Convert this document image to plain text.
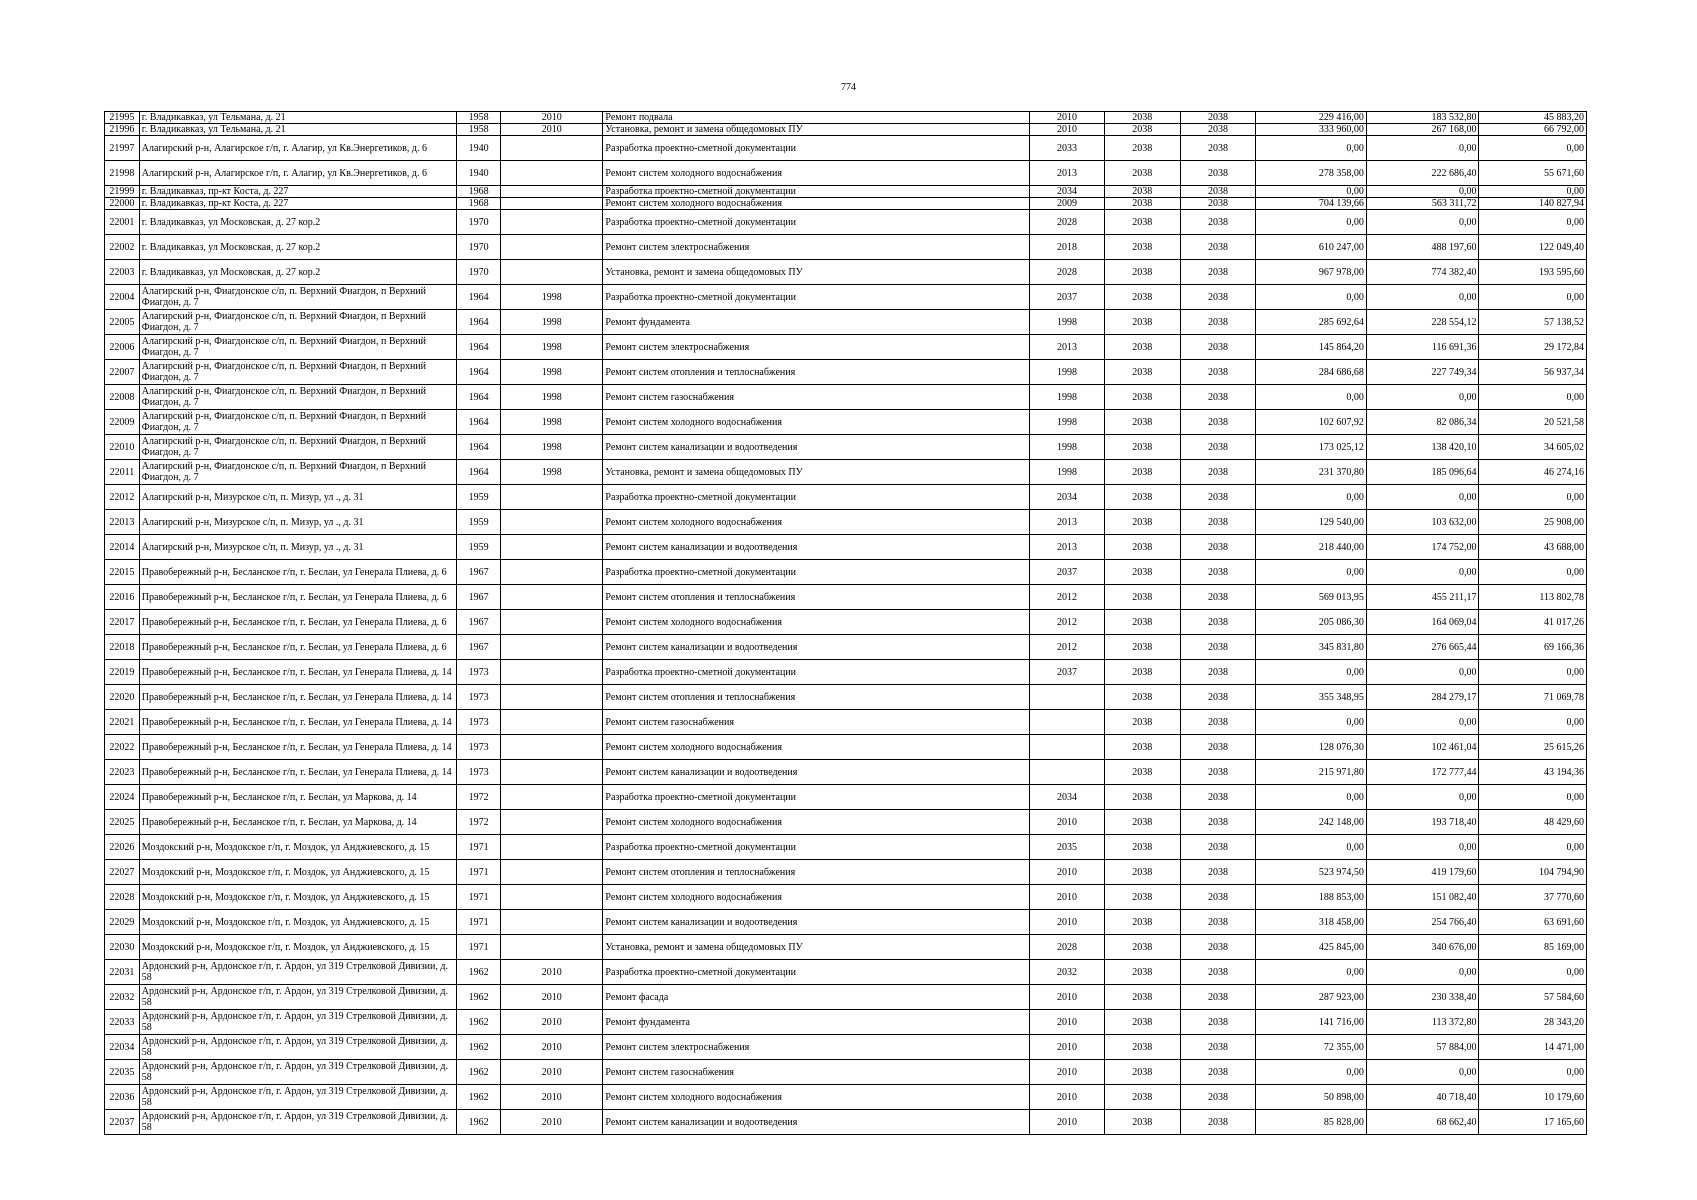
774
21995	г. Владикавказ, ул Тельмана, д. 21	1958	2010	Ремонт подвала	2010	2038	2038	229 416,00	183 532,80	45 883,20
21996	г. Владикавказ, ул Тельмана, д. 21	1958	2010	Установка, ремонт и замена общедомовых ПУ	2010	2038	2038	333 960,00	267 168,00	66 792,00
21997	Алагирский р-н, Алагирское г/п, г. Алагир, ул Кв.Энергетиков, д. 6	1940		Разработка проектно-сметной документации	2033	2038	2038	0,00	0,00	0,00
21998	Алагирский р-н, Алагирское г/п, г. Алагир, ул Кв.Энергетиков, д. 6	1940		Ремонт систем холодного водоснабжения	2013	2038	2038	278 358,00	222 686,40	55 671,60
21999	г. Владикавказ, пр-кт Коста, д. 227	1968		Разработка проектно-сметной документации	2034	2038	2038	0,00	0,00	0,00
22000	г. Владикавказ, пр-кт Коста, д. 227	1968		Ремонт систем холодного водоснабжения	2009	2038	2038	704 139,66	563 311,72	140 827,94
22001	г. Владикавказ, ул Московская, д. 27 кор.2	1970		Разработка проектно-сметной документации	2028	2038	2038	0,00	0,00	0,00
22002	г. Владикавказ, ул Московская, д. 27 кор.2	1970		Ремонт систем электроснабжения	2018	2038	2038	610 247,00	488 197,60	122 049,40
22003	г. Владикавказ, ул Московская, д. 27 кор.2	1970		Установка, ремонт и замена общедомовых ПУ	2028	2038	2038	967 978,00	774 382,40	193 595,60
22004	Алагирский р-н, Фиагдонское с/п, п. Верхний Фиагдон, п Верхний Фиагдон, д. 7	1964	1998	Разработка проектно-сметной документации	2037	2038	2038	0,00	0,00	0,00
22005	Алагирский р-н, Фиагдонское с/п, п. Верхний Фиагдон, п Верхний Фиагдон, д. 7	1964	1998	Ремонт фундамента	1998	2038	2038	285 692,64	228 554,12	57 138,52
22006	Алагирский р-н, Фиагдонское с/п, п. Верхний Фиагдон, п Верхний Фиагдон, д. 7	1964	1998	Ремонт систем электроснабжения	2013	2038	2038	145 864,20	116 691,36	29 172,84
22007	Алагирский р-н, Фиагдонское с/п, п. Верхний Фиагдон, п Верхний Фиагдон, д. 7	1964	1998	Ремонт систем отопления и теплоснабжения	1998	2038	2038	284 686,68	227 749,34	56 937,34
22008	Алагирский р-н, Фиагдонское с/п, п. Верхний Фиагдон, п Верхний Фиагдон, д. 7	1964	1998	Ремонт систем газоснабжения	1998	2038	2038	0,00	0,00	0,00
22009	Алагирский р-н, Фиагдонское с/п, п. Верхний Фиагдон, п Верхний Фиагдон, д. 7	1964	1998	Ремонт систем холодного водоснабжения	1998	2038	2038	102 607,92	82 086,34	20 521,58
22010	Алагирский р-н, Фиагдонское с/п, п. Верхний Фиагдон, п Верхний Фиагдон, д. 7	1964	1998	Ремонт систем канализации и водоотведения	1998	2038	2038	173 025,12	138 420,10	34 605,02
22011	Алагирский р-н, Фиагдонское с/п, п. Верхний Фиагдон, п Верхний Фиагдон, д. 7	1964	1998	Установка, ремонт и замена общедомовых ПУ	1998	2038	2038	231 370,80	185 096,64	46 274,16
22012	Алагирский р-н, Мизурское с/п, п. Мизур, ул ., д. 31	1959		Разработка проектно-сметной документации	2034	2038	2038	0,00	0,00	0,00
22013	Алагирский р-н, Мизурское с/п, п. Мизур, ул ., д. 31	1959		Ремонт систем холодного водоснабжения	2013	2038	2038	129 540,00	103 632,00	25 908,00
22014	Алагирский р-н, Мизурское с/п, п. Мизур, ул ., д. 31	1959		Ремонт систем канализации и водоотведения	2013	2038	2038	218 440,00	174 752,00	43 688,00
22015	Правобережный р-н, Бесланское г/п, г. Беслан, ул Генерала Плиева, д. 6	1967		Разработка проектно-сметной документации	2037	2038	2038	0,00	0,00	0,00
22016	Правобережный р-н, Бесланское г/п, г. Беслан, ул Генерала Плиева, д. 6	1967		Ремонт систем отопления и теплоснабжения	2012	2038	2038	569 013,95	455 211,17	113 802,78
22017	Правобережный р-н, Бесланское г/п, г. Беслан, ул Генерала Плиева, д. 6	1967		Ремонт систем холодного водоснабжения	2012	2038	2038	205 086,30	164 069,04	41 017,26
22018	Правобережный р-н, Бесланское г/п, г. Беслан, ул Генерала Плиева, д. 6	1967		Ремонт систем канализации и водоотведения	2012	2038	2038	345 831,80	276 665,44	69 166,36
22019	Правобережный р-н, Бесланское г/п, г. Беслан, ул Генерала Плиева, д. 14	1973		Разработка проектно-сметной документации	2037	2038	2038	0,00	0,00	0,00
22020	Правобережный р-н, Бесланское г/п, г. Беслан, ул Генерала Плиева, д. 14	1973		Ремонт систем отопления и теплоснабжения		2038	2038	355 348,95	284 279,17	71 069,78
22021	Правобережный р-н, Бесланское г/п, г. Беслан, ул Генерала Плиева, д. 14	1973		Ремонт систем газоснабжения		2038	2038	0,00	0,00	0,00
22022	Правобережный р-н, Бесланское г/п, г. Беслан, ул Генерала Плиева, д. 14	1973		Ремонт систем холодного водоснабжения		2038	2038	128 076,30	102 461,04	25 615,26
22023	Правобережный р-н, Бесланское г/п, г. Беслан, ул Генерала Плиева, д. 14	1973		Ремонт систем канализации и водоотведения		2038	2038	215 971,80	172 777,44	43 194,36
22024	Правобережный р-н, Бесланское г/п, г. Беслан, ул Маркова, д. 14	1972		Разработка проектно-сметной документации	2034	2038	2038	0,00	0,00	0,00
22025	Правобережный р-н, Бесланское г/п, г. Беслан, ул Маркова, д. 14	1972		Ремонт систем холодного водоснабжения	2010	2038	2038	242 148,00	193 718,40	48 429,60
22026	Моздокский р-н, Моздокское г/п, г. Моздок, ул Анджиевского, д. 15	1971		Разработка проектно-сметной документации	2035	2038	2038	0,00	0,00	0,00
22027	Моздокский р-н, Моздокское г/п, г. Моздок, ул Анджиевского, д. 15	1971		Ремонт систем отопления и теплоснабжения	2010	2038	2038	523 974,50	419 179,60	104 794,90
22028	Моздокский р-н, Моздокское г/п, г. Моздок, ул Анджиевского, д. 15	1971		Ремонт систем холодного водоснабжения	2010	2038	2038	188 853,00	151 082,40	37 770,60
22029	Моздокский р-н, Моздокское г/п, г. Моздок, ул Анджиевского, д. 15	1971		Ремонт систем канализации и водоотведения	2010	2038	2038	318 458,00	254 766,40	63 691,60
22030	Моздокский р-н, Моздокское г/п, г. Моздок, ул Анджиевского, д. 15	1971		Установка, ремонт и замена общедомовых ПУ	2028	2038	2038	425 845,00	340 676,00	85 169,00
22031	Ардонский р-н, Ардонское г/п, г. Ардон, ул 319 Стрелковой Дивизии, д. 58	1962	2010	Разработка проектно-сметной документации	2032	2038	2038	0,00	0,00	0,00
22032	Ардонский р-н, Ардонское г/п, г. Ардон, ул 319 Стрелковой Дивизии, д. 58	1962	2010	Ремонт фасада	2010	2038	2038	287 923,00	230 338,40	57 584,60
22033	Ардонский р-н, Ардонское г/п, г. Ардон, ул 319 Стрелковой Дивизии, д. 58	1962	2010	Ремонт фундамента	2010	2038	2038	141 716,00	113 372,80	28 343,20
22034	Ардонский р-н, Ардонское г/п, г. Ардон, ул 319 Стрелковой Дивизии, д. 58	1962	2010	Ремонт систем электроснабжения	2010	2038	2038	72 355,00	57 884,00	14 471,00
22035	Ардонский р-н, Ардонское г/п, г. Ардон, ул 319 Стрелковой Дивизии, д. 58	1962	2010	Ремонт систем газоснабжения	2010	2038	2038	0,00	0,00	0,00
22036	Ардонский р-н, Ардонское г/п, г. Ардон, ул 319 Стрелковой Дивизии, д. 58	1962	2010	Ремонт систем холодного водоснабжения	2010	2038	2038	50 898,00	40 718,40	10 179,60
22037	Ардонский р-н, Ардонское г/п, г. Ардон, ул 319 Стрелковой Дивизии, д. 58	1962	2010	Ремонт систем канализации и водоотведения	2010	2038	2038	85 828,00	68 662,40	17 165,60
